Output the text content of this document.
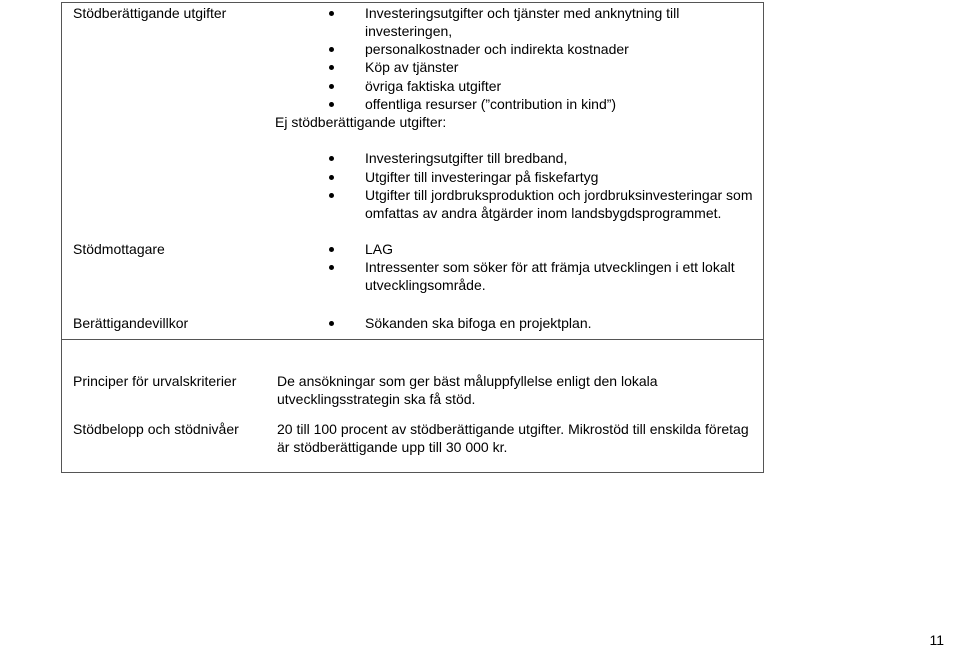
Stödberättigande utgifter	Investeringsutgifter och tjänster med anknytning till
investeringen,
personalkostnader och indirekta kostnader
Köp av tjänster
övriga faktiska utgifter
offentliga resurser (”contribution in kind”)
Ej stödberättigande utgifter:
Investeringsutgifter till bredband,
Utgifter till investeringar på fiskefartyg
Utgifter till jordbruksproduktion och jordbruksinvesteringar som
omfattas av andra åtgärder inom landsbygdsprogrammet.
Stödmottagare	LAG
Intressenter som söker för att främja utvecklingen i ett lokalt
utvecklingsområde.
Berättigandevillkor	Sökanden ska bifoga en projektplan.
Principer för urvalskriterier	De ansökningar som ger bäst måluppfyllelse enligt den lokala
utvecklingsstrategin ska få stöd.
Stödbelopp och stödnivåer	20 till 100 procent av stödberättigande utgifter. Mikrostöd till enskilda företag
är stödberättigande upp till 30 000 kr.
11
